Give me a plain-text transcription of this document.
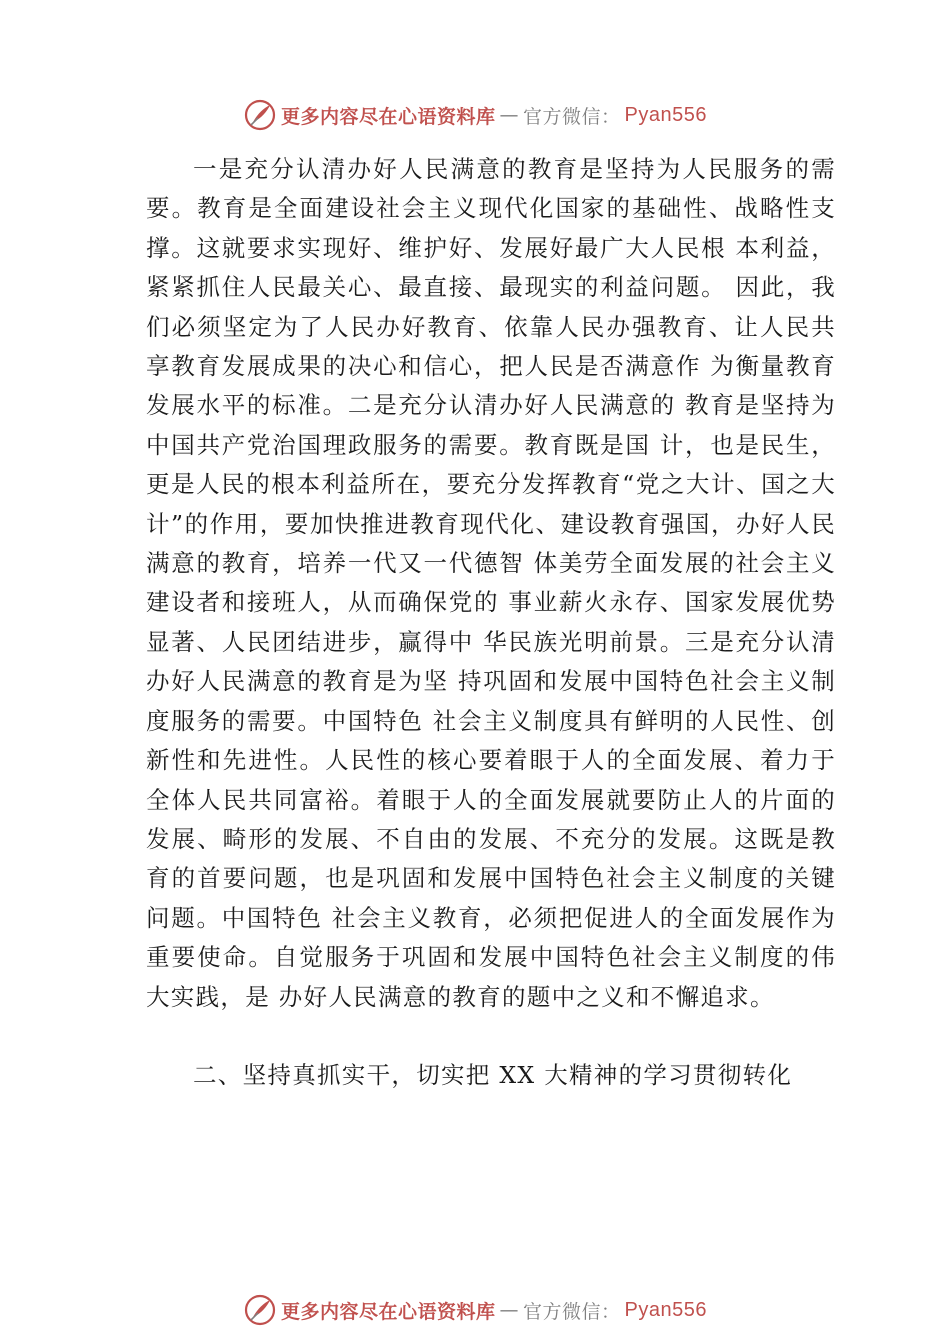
更多内容尽在心语资料库 — 官方微信： Pyan556

一是充分认清办好人民满意的教育是坚持为人民服务的需要。教育是全面建设社会主义现代化国家的基础性、战略性支撑。这就要求实现好、维护好、发展好最广大人民根 本利益，紧紧抓住人民最关心、最直接、最现实的利益问题。 因此，我们必须坚定为了人民办好教育、依靠人民办强教育、让人民共享教育发展成果的决心和信心，把人民是否满意作 为衡量教育发展水平的标准。二是充分认清办好人民满意的 教育是坚持为中国共产党治国理政服务的需要。教育既是国 计，也是民生，更是人民的根本利益所在，要充分发挥教育“党之大计、国之大计”的作用，要加快推进教育现代化、建设教育强国，办好人民满意的教育，培养一代又一代德智 体美劳全面发展的社会主义建设者和接班人，从而确保党的 事业薪火永存、国家发展优势显著、人民团结进步，赢得中 华民族光明前景。三是充分认清办好人民满意的教育是为坚 持巩固和发展中国特色社会主义制度服务的需要。中国特色 社会主义制度具有鲜明的人民性、创新性和先进性。人民性的核心要着眼于人的全面发展、着力于全体人民共同富裕。着眼于人的全面发展就要防止人的片面的发展、畸形的发展、不自由的发展、不充分的发展。这既是教育的首要问题，也是巩固和发展中国特色社会主义制度的关键问题。中国特色 社会主义教育，必须把促进人的全面发展作为重要使命。自觉服务于巩固和发展中国特色社会主义制度的伟大实践，是 办好人民满意的教育的题中之义和不懈追求。

二、坚持真抓实干，切实把 XX 大精神的学习贯彻转化

更多内容尽在心语资料库 — 官方微信： Pyan556
